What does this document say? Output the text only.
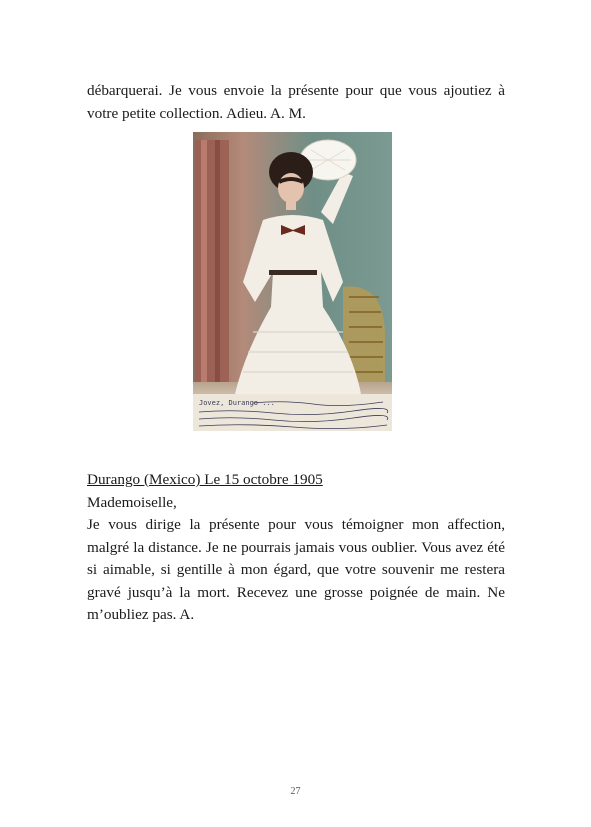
débarquerai. Je vous envoie la présente pour que vous ajoutiez à votre petite collection. Adieu. A. M.

Jovez, Durango ...
Durango (Mexico) Le 15 octobre 1905
Mademoiselle,
Je vous dirige la présente pour vous témoigner mon affection, malgré la distance. Je ne pourrais jamais vous oublier. Vous avez été si aimable, si gentille à mon égard, que votre souvenir me restera gravé jusqu’à la mort. Recevez une grosse poignée de main. Ne m’oubliez pas. A.
27
